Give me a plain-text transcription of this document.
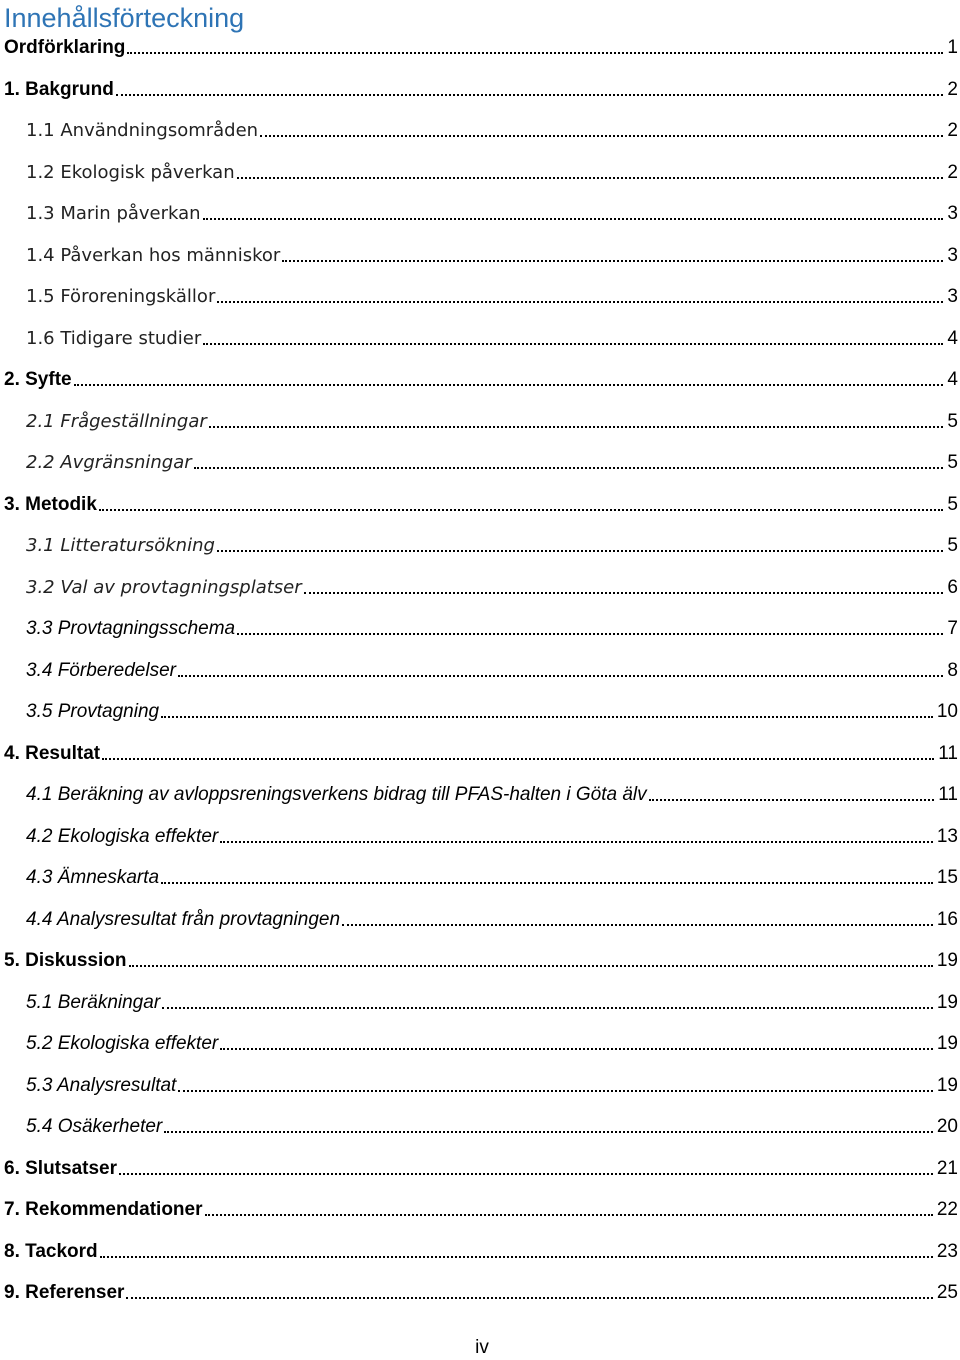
Innehållsförteckning
Ordförklaring	1
1. Bakgrund	2
1.1 Användningsområden	2
1.2 Ekologisk påverkan	2
1.3 Marin påverkan	3
1.4 Påverkan hos människor	3
1.5 Föroreningskällor	3
1.6 Tidigare studier	4
2. Syfte	4
2.1 Frågeställningar	5
2.2 Avgränsningar	5
3. Metodik	5
3.1 Litteratursökning	5
3.2 Val av provtagningsplatser	6
3.3 Provtagningsschema	7
3.4 Förberedelser	8
3.5 Provtagning	10
4. Resultat	11
4.1 Beräkning av avloppsreningsverkens bidrag till PFAS-halten i Göta älv	11
4.2 Ekologiska effekter	13
4.3 Ämneskarta	15
4.4 Analysresultat från provtagningen	16
5. Diskussion	19
5.1 Beräkningar	19
5.2 Ekologiska effekter	19
5.3 Analysresultat	19
5.4 Osäkerheter	20
6. Slutsatser	21
7. Rekommendationer	22
8. Tackord	23
9. Referenser	25
iv
